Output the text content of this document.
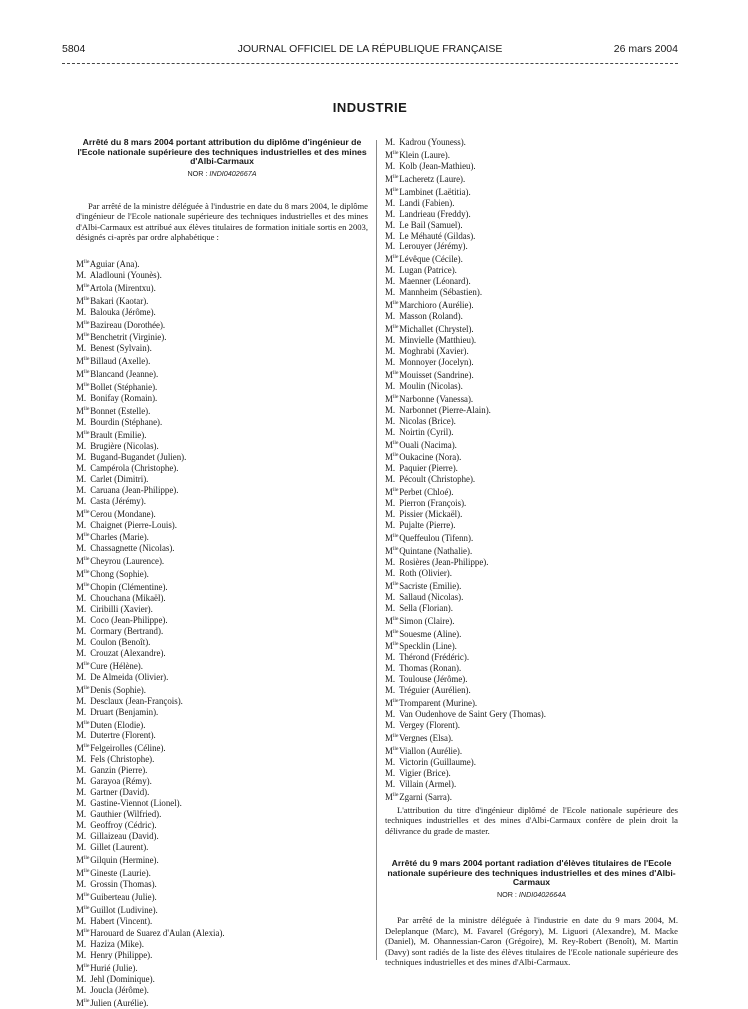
5804	JOURNAL OFFICIEL DE LA RÉPUBLIQUE FRANÇAISE	26 mars 2004
INDUSTRIE
Arrêté du 8 mars 2004 portant attribution du diplôme d'ingénieur de l'Ecole nationale supérieure des techniques industrielles et des mines d'Albi-Carmaux

NOR : INDI0402667A

Par arrêté de la ministre déléguée à l'industrie en date du 8 mars 2004, le diplôme d'ingénieur de l'Ecole nationale supérieure des techniques industrielles et des mines d'Albi-Carmaux est attribué aux élèves titulaires de formation initiale sortis en 2003, désignés ci-après par ordre alphabétique :

$M^{lle}$ Aguiar (Ana).
M. Aladlouni (Younès).
$M^{lle}$ Artola (Mirentxu).
$M^{lle}$ Bakari (Kaotar).
M. Balouka (Jérôme).
$M^{lle}$ Bazireau (Dorothée).
$M^{lle}$ Benchetrit (Virginie).
M. Benest (Sylvain).
$M^{lle}$ Billaud (Axelle).
$M^{lle}$ Blancand (Jeanne).
$M^{lle}$ Bollet (Stéphanie).
M. Bonifay (Romain).
$M^{lle}$ Bonnet (Estelle).
M. Bourdin (Stéphane).
$M^{lle}$ Brault (Emilie).
M. Brugière (Nicolas).
M. Bugand-Bugandet (Julien).
M. Campérola (Christophe).
M. Carlet (Dimitri).
M. Caruana (Jean-Philippe).
M. Casta (Jérémy).
$M^{lle}$ Cerou (Mondane).
M. Chaignet (Pierre-Louis).
$M^{lle}$ Charles (Marie).
M. Chassagnette (Nicolas).
$M^{lle}$ Cheyrou (Laurence).
$M^{lle}$ Chong (Sophie).
$M^{lle}$ Chopin (Clémentine).
M. Chouchana (Mikaël).
M. Ciribilli (Xavier).
M. Coco (Jean-Philippe).
M. Cormary (Bertrand).
M. Coulon (Benoît).
M. Crouzat (Alexandre).
$M^{lle}$ Cure (Hélène).
M. De Almeida (Olivier).
$M^{lle}$ Denis (Sophie).
M. Desclaux (Jean-François).
M. Druart (Benjamin).
$M^{lle}$ Duten (Elodie).
M. Dutertre (Florent).
$M^{lle}$ Felgeirolles (Céline).
M. Fels (Christophe).
M. Ganzin (Pierre).
M. Garayoa (Rémy).
M. Gartner (David).
M. Gastine-Viennot (Lionel).
M. Gauthier (Wilfried).
M. Geoffroy (Cédric).
M. Gillaizeau (David).
M. Gillet (Laurent).
$M^{lle}$ Gilquin (Hermine).
$M^{lle}$ Gineste (Laurie).
M. Grossin (Thomas).
$M^{lle}$ Guiberteau (Julie).
$M^{lle}$ Guillot (Ludivine).
M. Habert (Vincent).
$M^{lle}$ Harouard de Suarez d'Aulan (Alexia).
M. Haziza (Mike).
M. Henry (Philippe).
$M^{lle}$ Hurié (Julie).
M. Jehl (Dominique).
M. Joucla (Jérôme).
$M^{lle}$ Julien (Aurélie).
M. Kadrou (Youness).
$M^{lle}$ Klein (Laure).
M. Kolb (Jean-Mathieu).
$M^{lle}$ Lacheretz (Laure).
$M^{lle}$ Lambinet (Laëtitia).
M. Landi (Fabien).
M. Landrieau (Freddy).
M. Le Bail (Samuel).
M. Le Méhauté (Gildas).
M. Lerouyer (Jérémy).
$M^{lle}$ Lévêque (Cécile).
M. Lugan (Patrice).
M. Maenner (Léonard).
M. Mannheim (Sébastien).
$M^{lle}$ Marchioro (Aurélie).
M. Masson (Roland).
$M^{lle}$ Michallet (Chrystel).
M. Minvielle (Matthieu).
M. Moghrabi (Xavier).
M. Monnoyer (Jocelyn).
$M^{lle}$ Mouisset (Sandrine).
M. Moulin (Nicolas).
$M^{lle}$ Narbonne (Vanessa).
M. Narbonnet (Pierre-Alain).
M. Nicolas (Brice).
M. Noirtin (Cyril).
$M^{lle}$ Ouali (Nacima).
$M^{lle}$ Oukacine (Nora).
M. Paquier (Pierre).
M. Pécoult (Christophe).
$M^{lle}$ Perbet (Chloé).
M. Pierron (François).
M. Pissier (Mickaël).
M. Pujalte (Pierre).
$M^{lle}$ Queffeulou (Tifenn).
$M^{lle}$ Quintane (Nathalie).
M. Rosières (Jean-Philippe).
M. Roth (Olivier).
$M^{lle}$ Sacriste (Emilie).
M. Sallaud (Nicolas).
M. Sella (Florian).
$M^{lle}$ Simon (Claire).
$M^{lle}$ Souesme (Aline).
$M^{lle}$ Specklin (Line).
M. Thérond (Frédéric).
M. Thomas (Ronan).
M. Toulouse (Jérôme).
M. Tréguier (Aurélien).
$M^{lle}$ Tromparent (Murine).
M. Van Oudenhove de Saint Gery (Thomas).
M. Vergey (Florent).
$M^{lle}$ Vergnes (Elsa).
$M^{lle}$ Viallon (Aurélie).
M. Victorin (Guillaume).
M. Vigier (Brice).
M. Villain (Armel).
$M^{lle}$ Zgarni (Sarra).

L'attribution du titre d'ingénieur diplômé de l'Ecole nationale supérieure des techniques industrielles et des mines d'Albi-Carmaux confère de plein droit la délivrance du grade de master.

Arrêté du 9 mars 2004 portant radiation d'élèves titulaires de l'Ecole nationale supérieure des techniques industrielles et des mines d'Albi-Carmaux

NOR : INDI0402664A

Par arrêté de la ministre déléguée à l'industrie en date du 9 mars 2004, M. Deleplanque (Marc), M. Favarel (Grégory), M. Liguori (Alexandre), M. Macke (Daniel), M. Ohannessian-Caron (Grégoire), M. Rey-Robert (Benoît), M. Martin (Davy) sont radiés de la liste des élèves titulaires de l'Ecole nationale supérieure des techniques industrielles et des mines d'Albi-Carmaux.
